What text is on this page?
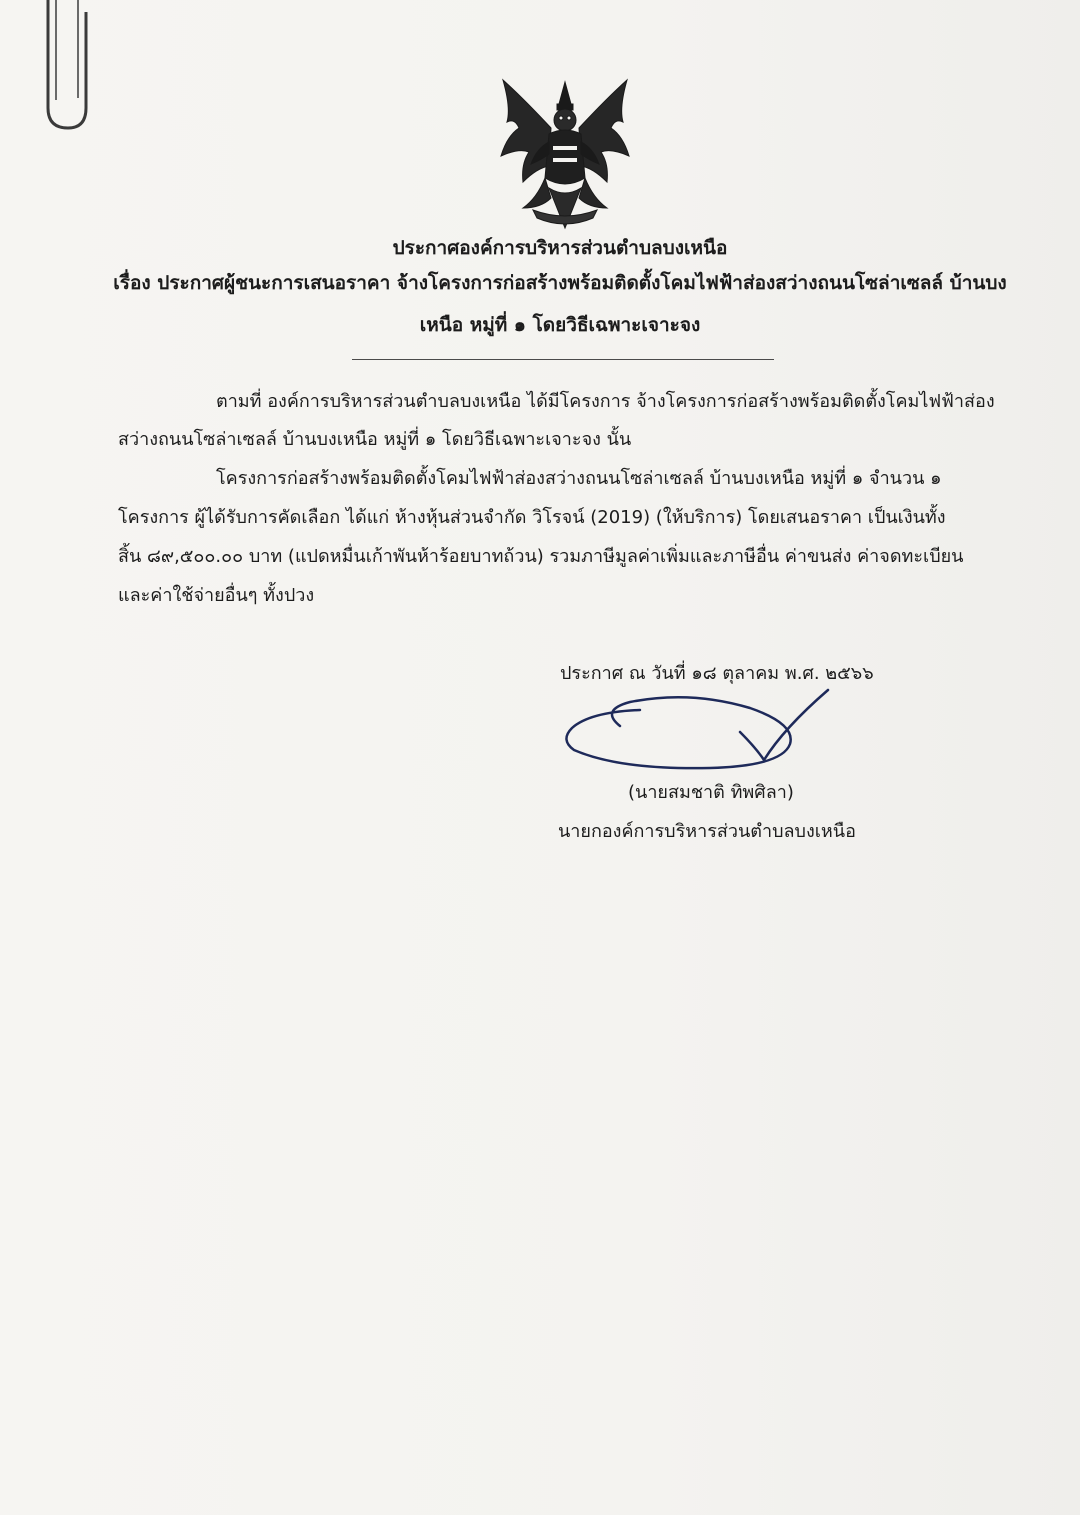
ประกาศองค์การบริหารส่วนตำบลบงเหนือ
เรื่อง ประกาศผู้ชนะการเสนอราคา จ้างโครงการก่อสร้างพร้อมติดตั้งโคมไฟฟ้าส่องสว่างถนนโซล่าเซลล์ บ้านบง
เหนือ หมู่ที่ ๑ โดยวิธีเฉพาะเจาะจง
ตามที่ องค์การบริหารส่วนตำบลบงเหนือ ได้มีโครงการ จ้างโครงการก่อสร้างพร้อมติดตั้งโคมไฟฟ้าส่อง
สว่างถนนโซล่าเซลล์ บ้านบงเหนือ หมู่ที่ ๑ โดยวิธีเฉพาะเจาะจง นั้น
โครงการก่อสร้างพร้อมติดตั้งโคมไฟฟ้าส่องสว่างถนนโซล่าเซลล์ บ้านบงเหนือ หมู่ที่ ๑ จำนวน ๑
โครงการ ผู้ได้รับการคัดเลือก ได้แก่ ห้างหุ้นส่วนจำกัด วิโรจน์ (2019) (ให้บริการ) โดยเสนอราคา เป็นเงินทั้ง
สิ้น ๘๙,๕๐๐.๐๐ บาท (แปดหมื่นเก้าพันห้าร้อยบาทถ้วน) รวมภาษีมูลค่าเพิ่มและภาษีอื่น ค่าขนส่ง ค่าจดทะเบียน
และค่าใช้จ่ายอื่นๆ ทั้งปวง
ประกาศ ณ วันที่ ๑๘ ตุลาคม พ.ศ. ๒๕๖๖
(นายสมชาติ ทิพศิลา)
นายกองค์การบริหารส่วนตำบลบงเหนือ
